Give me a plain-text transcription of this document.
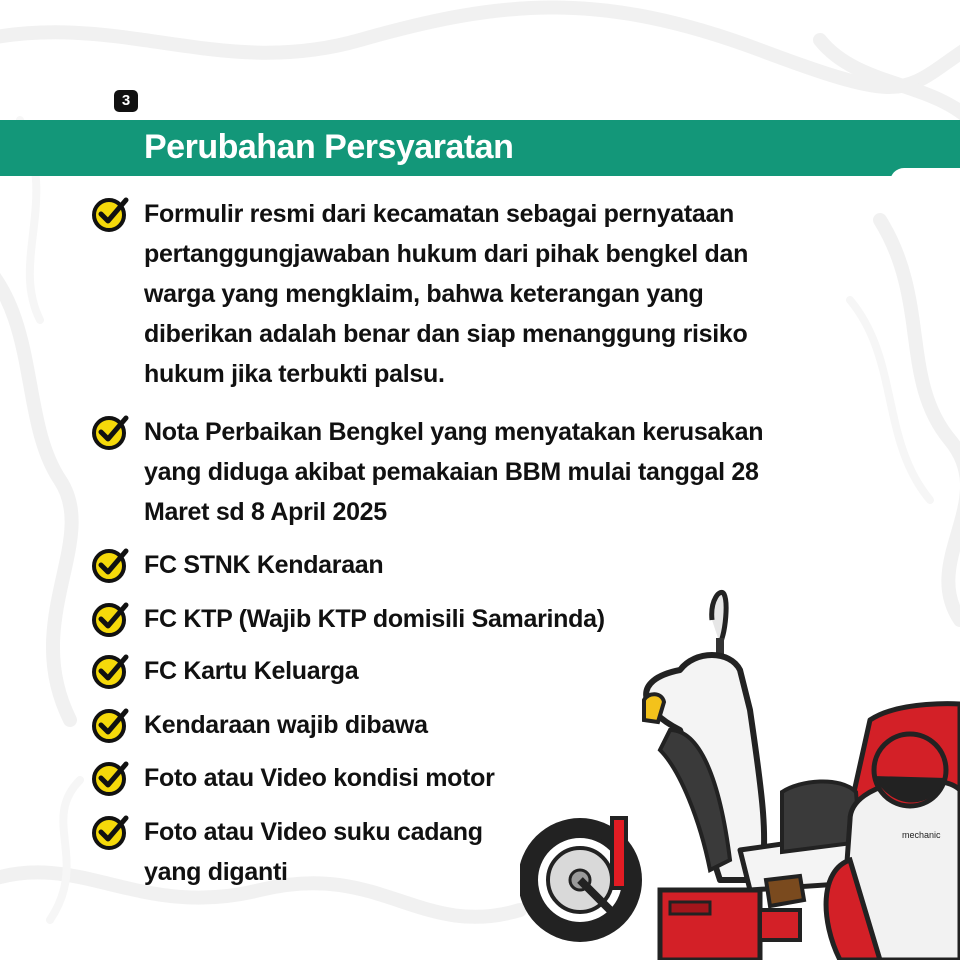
3
Perubahan Persyaratan
Formulir resmi dari kecamatan sebagai pernyataan
pertanggungjawaban hukum dari pihak bengkel dan
warga yang mengklaim, bahwa keterangan yang
diberikan adalah benar dan siap menanggung risiko
hukum jika terbukti palsu.
Nota Perbaikan Bengkel yang menyatakan kerusakan
yang diduga akibat pemakaian BBM mulai tanggal 28
Maret sd 8 April 2025
FC STNK Kendaraan
FC KTP (Wajib KTP domisili Samarinda)
FC Kartu Keluarga
Kendaraan wajib dibawa
Foto atau Video kondisi motor
Foto atau Video suku cadang
yang diganti
mechanic
